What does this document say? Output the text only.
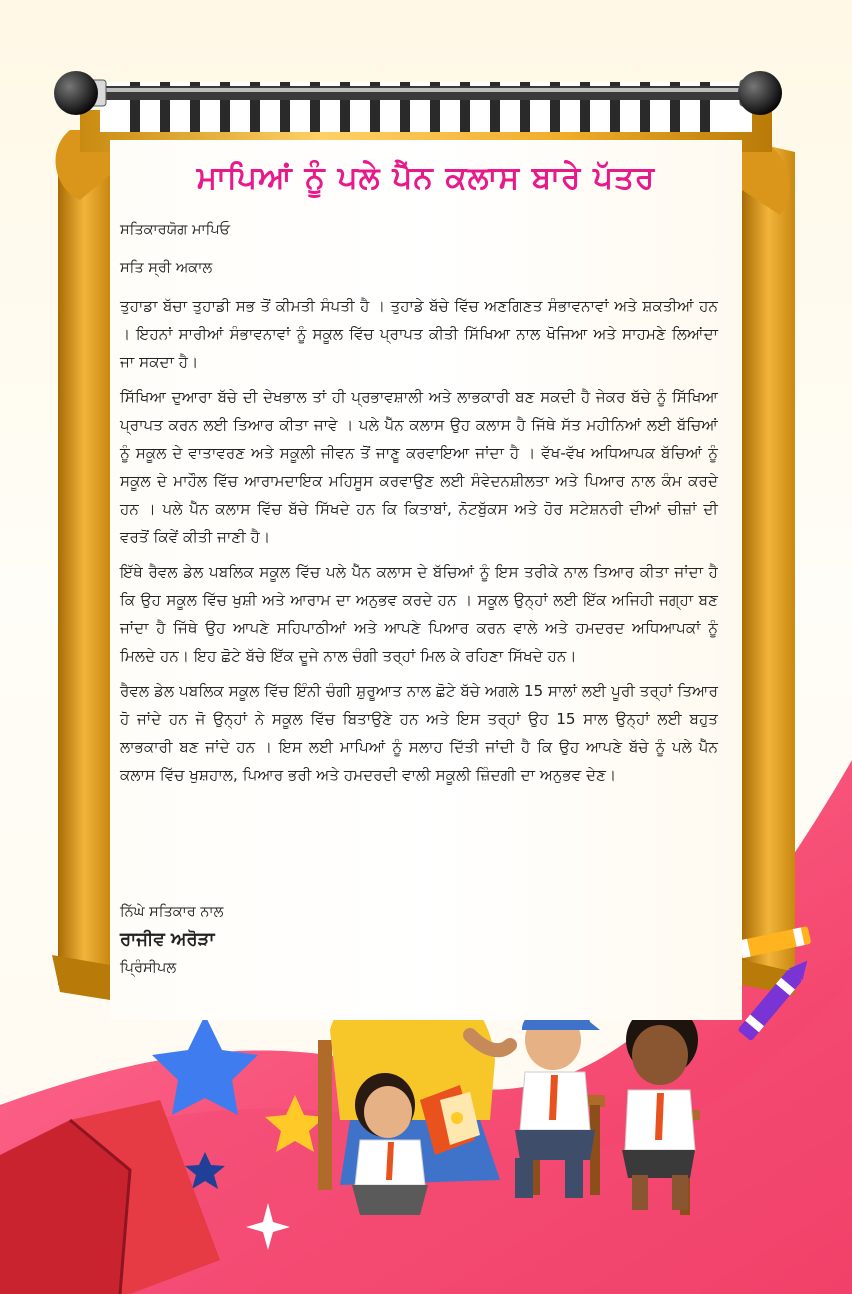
ਮਾਪਿਆਂ ਨੂੰ ਪਲੇ ਪੈੱਨ ਕਲਾਸ ਬਾਰੇ ਪੱਤਰ

ਸਤਿਕਾਰਯੋਗ ਮਾਪਿਓ

ਸਤਿ ਸ੍ਰੀ ਅਕਾਲ

ਤੁਹਾਡਾ ਬੱਚਾ ਤੁਹਾਡੀ ਸਭ ਤੋਂ ਕੀਮਤੀ ਸੰਪਤੀ ਹੈ । ਤੁਹਾਡੇ ਬੱਚੇ ਵਿੱਚ ਅਣਗਿਣਤ ਸੰਭਾਵਨਾਵਾਂ ਅਤੇ ਸ਼ਕਤੀਆਂ ਹਨ । ਇਹਨਾਂ ਸਾਰੀਆਂ ਸੰਭਾਵਨਾਵਾਂ ਨੂੰ ਸਕੂਲ ਵਿੱਚ ਪ੍ਰਾਪਤ ਕੀਤੀ ਸਿੱਖਿਆ ਨਾਲ ਖੋਜਿਆ ਅਤੇ ਸਾਹਮਣੇ ਲਿਆਂਦਾ ਜਾ ਸਕਦਾ ਹੈ।

ਸਿੱਖਿਆ ਦੁਆਰਾ ਬੱਚੇ ਦੀ ਦੇਖਭਾਲ ਤਾਂ ਹੀ ਪ੍ਰਭਾਵਸ਼ਾਲੀ ਅਤੇ ਲਾਭਕਾਰੀ ਬਣ ਸਕਦੀ ਹੈ ਜੇਕਰ ਬੱਚੇ ਨੂੰ ਸਿੱਖਿਆ ਪ੍ਰਾਪਤ ਕਰਨ ਲਈ ਤਿਆਰ ਕੀਤਾ ਜਾਵੇ । ਪਲੇ ਪੈੱਨ ਕਲਾਸ ਉਹ ਕਲਾਸ ਹੈ ਜਿੱਥੇ ਸੱਤ ਮਹੀਨਿਆਂ ਲਈ ਬੱਚਿਆਂ ਨੂੰ ਸਕੂਲ ਦੇ ਵਾਤਾਵਰਣ ਅਤੇ ਸਕੂਲੀ ਜੀਵਨ ਤੋਂ ਜਾਣੂ ਕਰਵਾਇਆ ਜਾਂਦਾ ਹੈ । ਵੱਖ-ਵੱਖ ਅਧਿਆਪਕ ਬੱਚਿਆਂ ਨੂੰ ਸਕੂਲ ਦੇ ਮਾਹੌਲ ਵਿੱਚ ਆਰਾਮਦਾਇਕ ਮਹਿਸੂਸ ਕਰਵਾਉਣ ਲਈ ਸੰਵੇਦਨਸ਼ੀਲਤਾ ਅਤੇ ਪਿਆਰ ਨਾਲ ਕੰਮ ਕਰਦੇ ਹਨ । ਪਲੇ ਪੈੱਨ ਕਲਾਸ ਵਿੱਚ ਬੱਚੇ ਸਿੱਖਦੇ ਹਨ ਕਿ ਕਿਤਾਬਾਂ, ਨੋਟਬੁੱਕਸ ਅਤੇ ਹੋਰ ਸਟੇਸ਼ਨਰੀ ਦੀਆਂ ਚੀਜ਼ਾਂ ਦੀ ਵਰਤੋਂ ਕਿਵੇਂ ਕੀਤੀ ਜਾਣੀ ਹੈ।

ਇੱਥੇ ਰੈਵਲ ਡੇਲ ਪਬਲਿਕ ਸਕੂਲ ਵਿੱਚ ਪਲੇ ਪੈੱਨ ਕਲਾਸ ਦੇ ਬੱਚਿਆਂ ਨੂੰ ਇਸ ਤਰੀਕੇ ਨਾਲ ਤਿਆਰ ਕੀਤਾ ਜਾਂਦਾ ਹੈ ਕਿ ਉਹ ਸਕੂਲ ਵਿੱਚ ਖੁਸ਼ੀ ਅਤੇ ਆਰਾਮ ਦਾ ਅਨੁਭਵ ਕਰਦੇ ਹਨ । ਸਕੂਲ ਉਨ੍ਹਾਂ ਲਈ ਇੱਕ ਅਜਿਹੀ ਜਗ੍ਹਾ ਬਣ ਜਾਂਦਾ ਹੈ ਜਿੱਥੇ ਉਹ ਆਪਣੇ ਸਹਿਪਾਠੀਆਂ ਅਤੇ ਆਪਣੇ ਪਿਆਰ ਕਰਨ ਵਾਲੇ ਅਤੇ ਹਮਦਰਦ ਅਧਿਆਪਕਾਂ ਨੂੰ ਮਿਲਦੇ ਹਨ। ਇਹ ਛੋਟੇ ਬੱਚੇ ਇੱਕ ਦੂਜੇ ਨਾਲ ਚੰਗੀ ਤਰ੍ਹਾਂ ਮਿਲ ਕੇ ਰਹਿਣਾ ਸਿੱਖਦੇ ਹਨ।

ਰੈਵਲ ਡੇਲ ਪਬਲਿਕ ਸਕੂਲ ਵਿੱਚ ਇੰਨੀ ਚੰਗੀ ਸ਼ੁਰੂਆਤ ਨਾਲ ਛੋਟੇ ਬੱਚੇ ਅਗਲੇ 15 ਸਾਲਾਂ ਲਈ ਪੂਰੀ ਤਰ੍ਹਾਂ ਤਿਆਰ ਹੋ ਜਾਂਦੇ ਹਨ ਜੋ ਉਨ੍ਹਾਂ ਨੇ ਸਕੂਲ ਵਿੱਚ ਬਿਤਾਉਣੇ ਹਨ ਅਤੇ ਇਸ ਤਰ੍ਹਾਂ ਉਹ 15 ਸਾਲ ਉਨ੍ਹਾਂ ਲਈ ਬਹੁਤ ਲਾਭਕਾਰੀ ਬਣ ਜਾਂਦੇ ਹਨ । ਇਸ ਲਈ ਮਾਪਿਆਂ ਨੂੰ ਸਲਾਹ ਦਿੱਤੀ ਜਾਂਦੀ ਹੈ ਕਿ ਉਹ ਆਪਣੇ ਬੱਚੇ ਨੂੰ ਪਲੇ ਪੈੱਨ ਕਲਾਸ ਵਿੱਚ ਖੁਸ਼ਹਾਲ, ਪਿਆਰ ਭਰੀ ਅਤੇ ਹਮਦਰਦੀ ਵਾਲੀ ਸਕੂਲੀ ਜ਼ਿੰਦਗੀ ਦਾ ਅਨੁਭਵ ਦੇਣ।

ਨਿੱਘੇ ਸਤਿਕਾਰ ਨਾਲ
ਰਾਜੀਵ ਅਰੋੜਾ
ਪ੍ਰਿੰਸੀਪਲ
